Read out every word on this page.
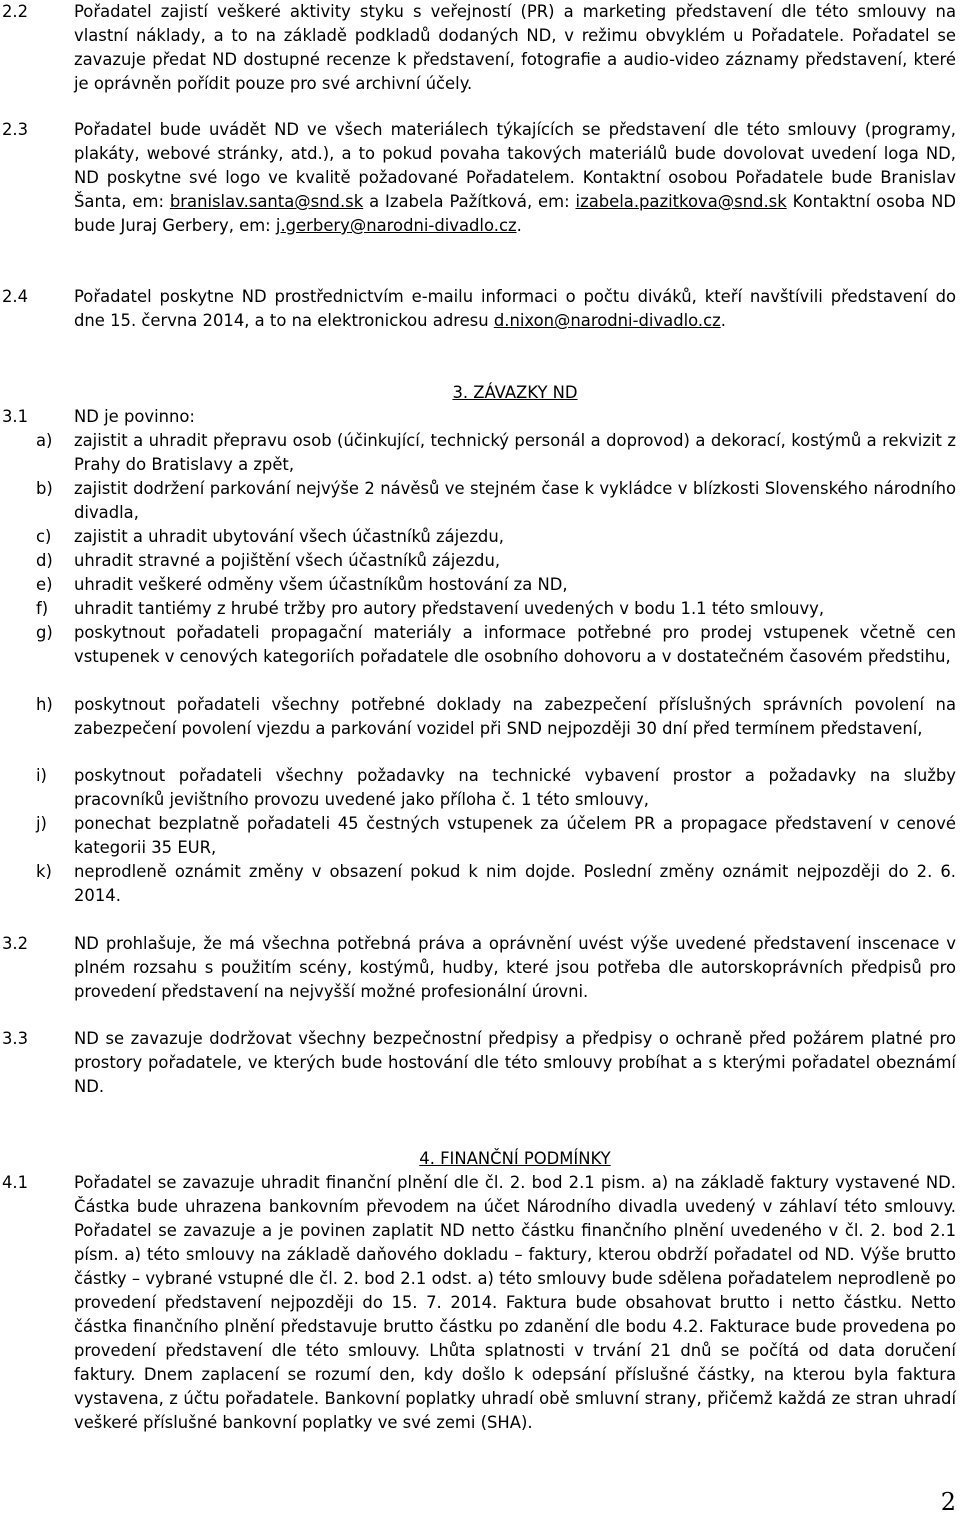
2.2	Pořadatel zajistí veškeré aktivity styku s veřejností (PR) a marketing představení dle této smlouvy na vlastní náklady, a to na základě podkladů dodaných ND, v režimu obvyklém u Pořadatele. Pořadatel se zavazuje předat ND dostupné recenze k představení, fotografie a audio-video záznamy představení, které je oprávněn pořídit pouze pro své archivní účely.
2.3	Pořadatel bude uvádět ND ve všech materiálech týkajících se představení dle této smlouvy (programy, plakáty, webové stránky, atd.), a to pokud povaha takových materiálů bude dovolovat uvedení loga ND, ND poskytne své logo ve kvalitě požadované Pořadatelem. Kontaktní osobou Pořadatele bude Branislav Šanta, em: branislav.santa@snd.sk a Izabela Pažítková, em: izabela.pazitkova@snd.sk Kontaktní osoba ND bude Juraj Gerbery, em: j.gerbery@narodni-divadlo.cz.
2.4	Pořadatel poskytne ND prostřednictvím e-mailu informaci o počtu diváků, kteří navštívili představení do dne 15. června 2014, a to na elektronickou adresu d.nixon@narodni-divadlo.cz.
3. ZÁVAZKY ND
3.1	ND je povinno:
a)	zajistit a uhradit přepravu osob (účinkující, technický personál a doprovod) a dekorací, kostýmů a rekvizit z Prahy do Bratislavy a zpět,
b)	zajistit dodržení parkování nejvýše 2 návěsů ve stejném čase k vykládce v blízkosti Slovenského národního divadla,
c)	zajistit a uhradit ubytování všech účastníků zájezdu,
d)	uhradit stravné a pojištění všech účastníků zájezdu,
e)	uhradit veškeré odměny všem účastníkům hostování za ND,
f)	uhradit tantiémy z hrubé tržby pro autory představení uvedených v bodu 1.1 této smlouvy,
g)	poskytnout pořadateli propagační materiály a informace potřebné pro prodej vstupenek včetně cen vstupenek v cenových kategoriích pořadatele dle osobního dohovoru a v dostatečném časovém předstihu,
h)	poskytnout pořadateli všechny potřebné doklady na zabezpečení příslušných správních povolení na zabezpečení povolení vjezdu a parkování vozidel při SND nejpozději 30 dní před termínem představení,
i)	poskytnout pořadateli všechny požadavky na technické vybavení prostor a požadavky na služby pracovníků jevištního provozu uvedené jako příloha č. 1 této smlouvy,
j)	ponechat bezplatně pořadateli 45 čestných vstupenek za účelem PR a propagace představení v cenové kategorii 35 EUR,
k)	neprodleně oznámit změny v obsazení pokud k nim dojde. Poslední změny oznámit nejpozději do 2. 6. 2014.
3.2	ND prohlašuje, že má všechna potřebná práva a oprávnění uvést výše uvedené představení inscenace v plném rozsahu s použitím scény, kostýmů, hudby, které jsou potřeba dle autorskoprávních předpisů pro provedení představení na nejvyšší možné profesionální úrovni.
3.3	ND se zavazuje dodržovat všechny bezpečnostní předpisy a předpisy o ochraně před požárem platné pro prostory pořadatele, ve kterých bude hostování dle této smlouvy probíhat a s kterými pořadatel obeznámí ND.
4. FINANČNÍ PODMÍNKY
4.1	Pořadatel se zavazuje uhradit finanční plnění dle čl. 2. bod 2.1 pism. a) na základě faktury vystavené ND. Částka bude uhrazena bankovním převodem na účet Národního divadla uvedený v záhlaví této smlouvy. Pořadatel se zavazuje a je povinen zaplatit ND netto částku finančního plnění uvedeného v čl. 2. bod 2.1 písm. a) této smlouvy na základě daňového dokladu – faktury, kterou obdrží pořadatel od ND. Výše brutto částky – vybrané vstupné dle čl. 2. bod 2.1 odst. a) této smlouvy bude sdělena pořadatelem neprodleně po provedení představení nejpozději do 15. 7. 2014. Faktura bude obsahovat brutto i netto částku. Netto částka finančního plnění představuje brutto částku po zdanění dle bodu 4.2. Fakturace bude provedena po provedení představení dle této smlouvy. Lhůta splatnosti v trvání 21 dnů se počítá od data doručení faktury. Dnem zaplacení se rozumí den, kdy došlo k odepsání příslušné částky, na kterou byla faktura vystavena, z účtu pořadatele. Bankovní poplatky uhradí obě smluvní strany, přičemž každá ze stran uhradí veškeré příslušné bankovní poplatky ve své zemi (SHA).
2
